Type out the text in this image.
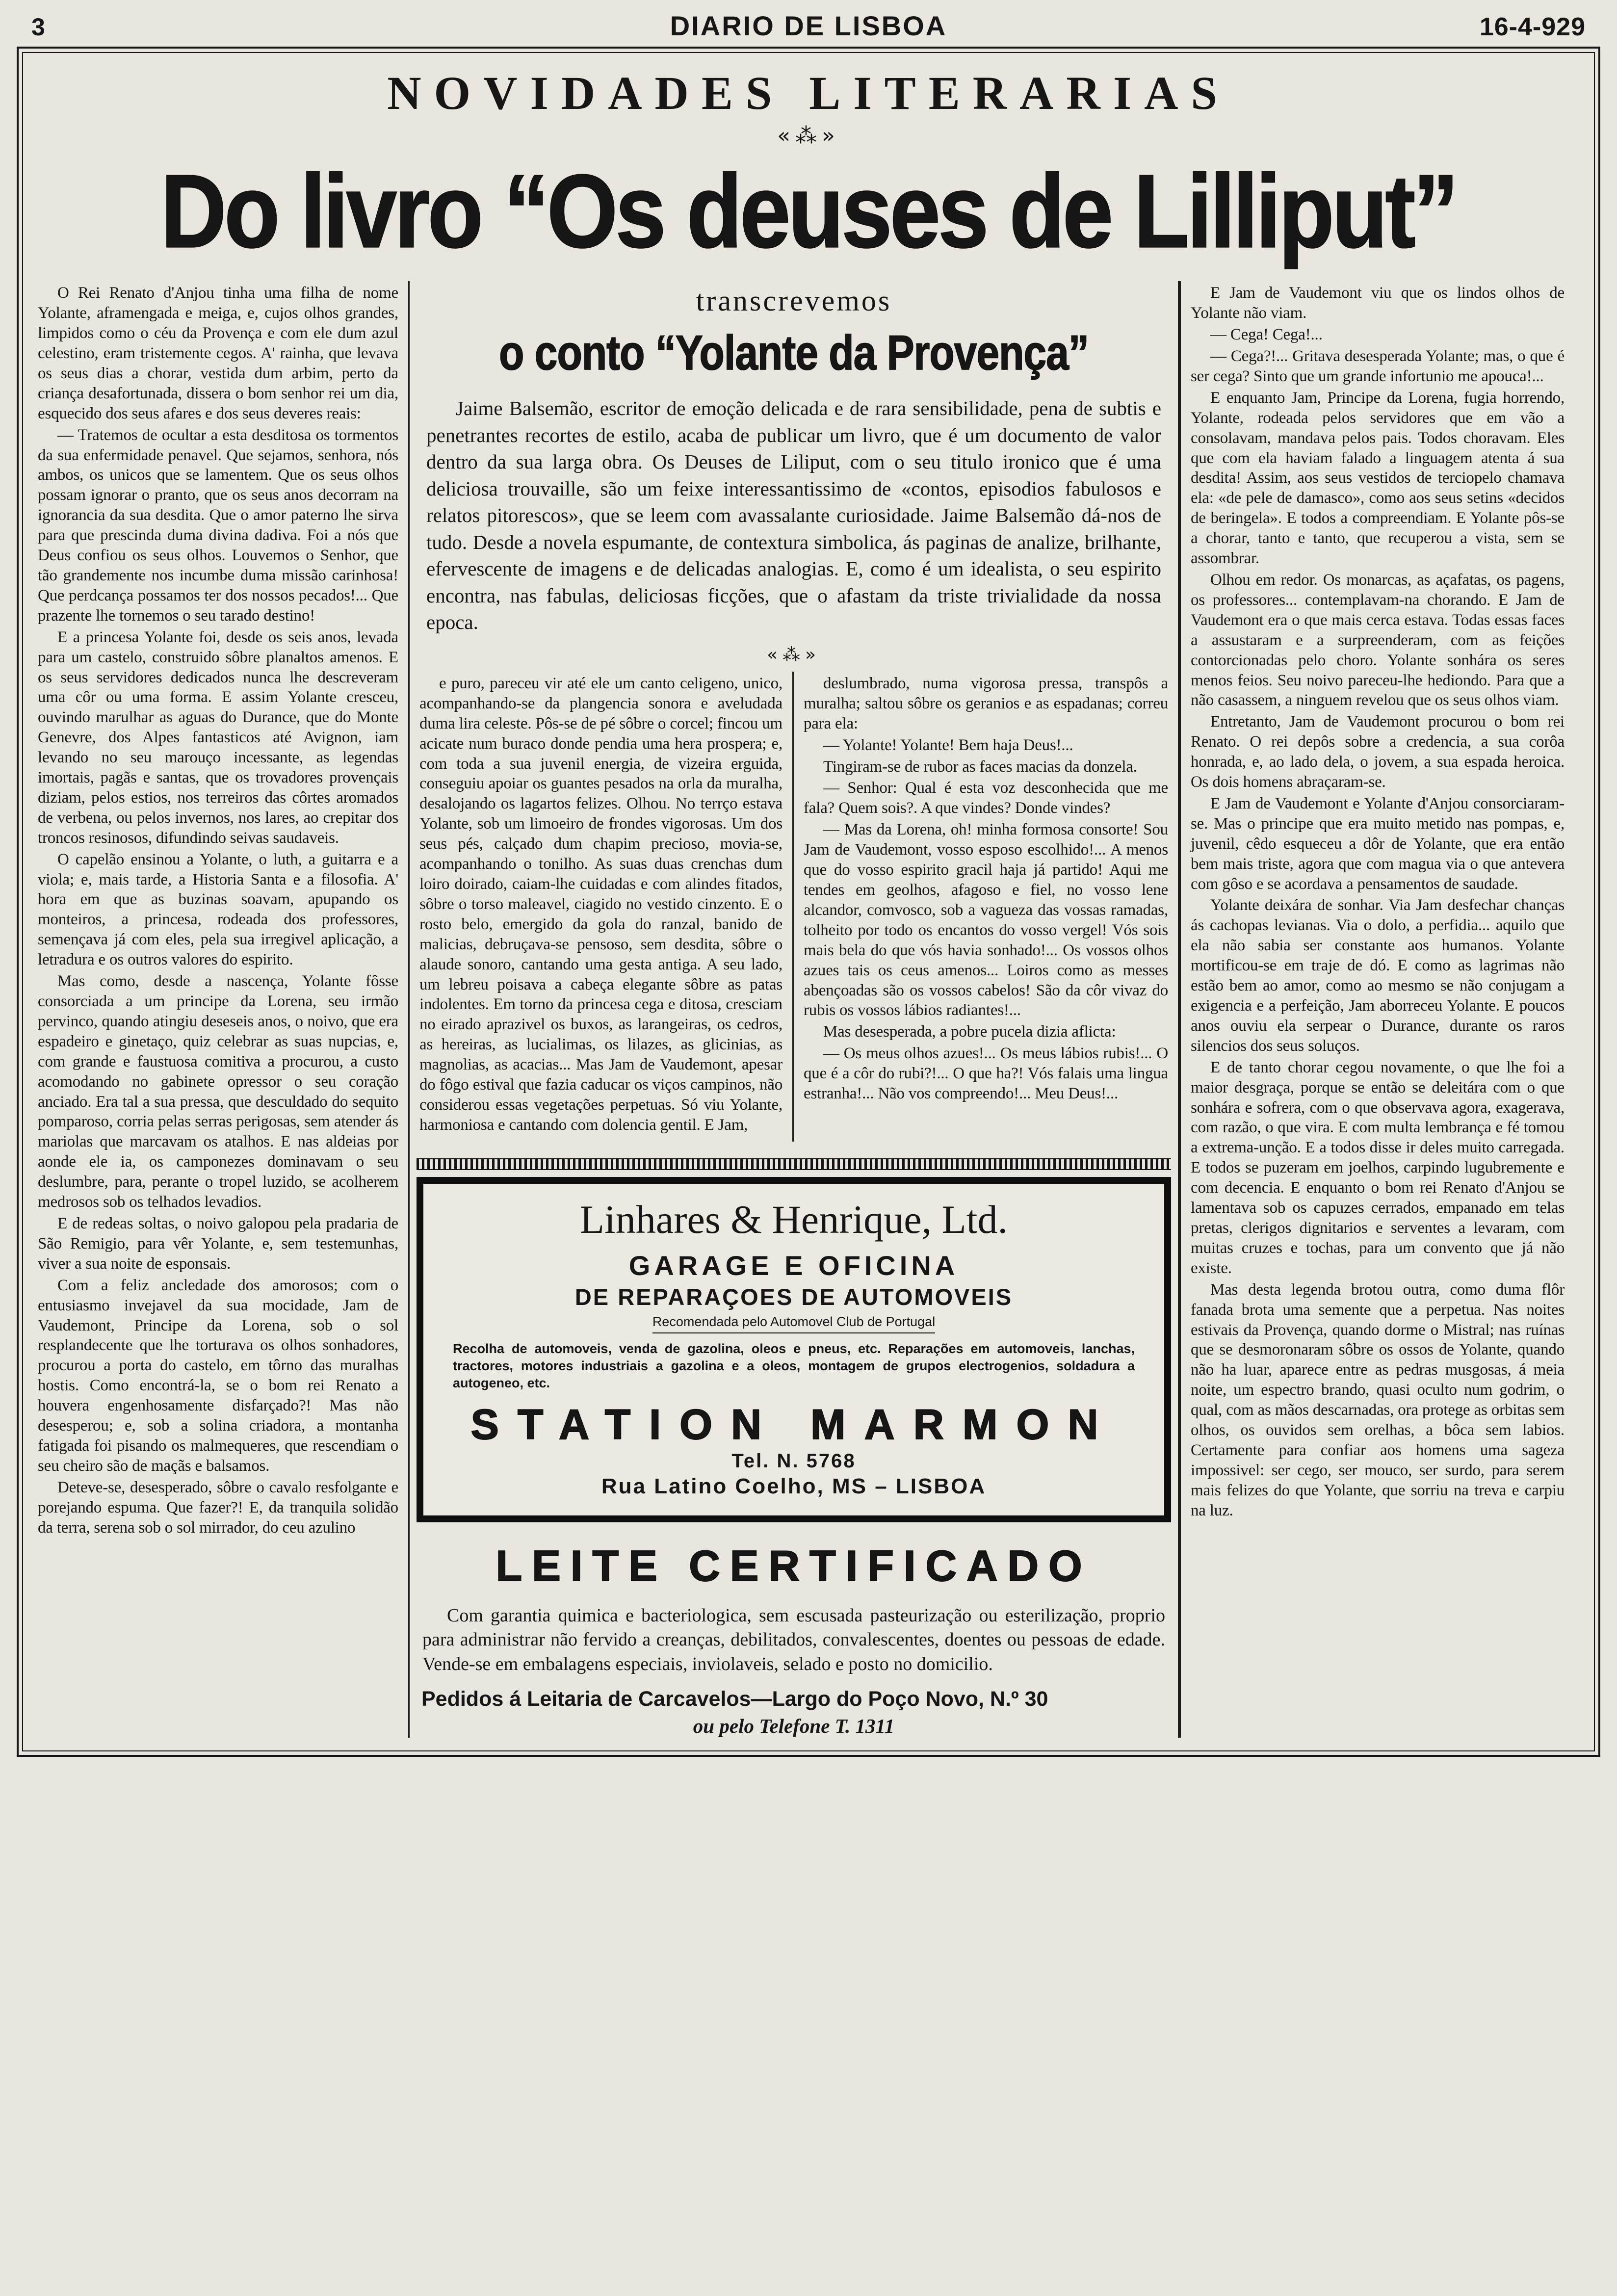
3	DIARIO DE LISBOA	16-4-929
NOVIDADES LITERARIAS
«⁂»
Do livro “Os deuses de Lilliput”

O Rei Renato d'Anjou tinha uma filha de nome Yolante, aframengada e meiga, e, cujos olhos grandes, limpidos como o céu da Provença e com ele dum azul celestino, eram tristemente cegos. A' rainha, que levava os seus dias a chorar, vestida dum arbim, perto da criança desafortunada, dissera o bom senhor rei um dia, esquecido dos seus afares e dos seus deveres reais:

— Tratemos de ocultar a esta desditosa os tormentos da sua enfermidade penavel. Que sejamos, senhora, nós ambos, os unicos que se lamentem. Que os seus olhos possam ignorar o pranto, que os seus anos decorram na ignorancia da sua desdita. Que o amor paterno lhe sirva para que prescinda duma divina dadiva. Foi a nós que Deus confiou os seus olhos. Louvemos o Senhor, que tão grandemente nos incumbe duma missão carinhosa! Que perdcança possamos ter dos nossos pecados!... Que prazente lhe tornemos o seu tarado destino!

E a princesa Yolante foi, desde os seis anos, levada para um castelo, construido sôbre planaltos amenos. E os seus servidores dedicados nunca lhe descreveram uma côr ou uma forma. E assim Yolante cresceu, ouvindo marulhar as aguas do Durance, que do Monte Genevre, dos Alpes fantasticos até Avignon, iam levando no seu marouço incessante, as legendas imortais, pagãs e santas, que os trovadores provençais diziam, pelos estios, nos terreiros das côrtes aromados de verbena, ou pelos invernos, nos lares, ao crepitar dos troncos resinosos, difundindo seivas saudaveis.

O capelão ensinou a Yolante, o luth, a guitarra e a viola; e, mais tarde, a Historia Santa e a filosofia. A' hora em que as buzinas soavam, apupando os monteiros, a princesa, rodeada dos professores, semençava já com eles, pela sua irregivel aplicação, a letradura e os outros valores do espirito.

Mas como, desde a nascença, Yolante fôsse consorciada a um principe da Lorena, seu irmão pervinco, quando atingiu deseseis anos, o noivo, que era espadeiro e ginetaço, quiz celebrar as suas nupcias, e, com grande e faustuosa comitiva a procurou, a custo acomodando no gabinete opressor o seu coração anciado. Era tal a sua pressa, que desculdado do sequito pomparoso, corria pelas serras perigosas, sem atender ás mariolas que marcavam os atalhos. E nas aldeias por aonde ele ia, os camponezes dominavam o seu deslumbre, para, perante o tropel luzido, se acolherem medrosos sob os telhados levadios.

E de redeas soltas, o noivo galopou pela pradaria de São Remigio, para vêr Yolante, e, sem testemunhas, viver a sua noite de esponsais.

Com a feliz ancledade dos amorosos; com o entusiasmo invejavel da sua mocidade, Jam de Vaudemont, Principe da Lorena, sob o sol resplandecente que lhe torturava os olhos sonhadores, procurou a porta do castelo, em tôrno das muralhas hostis. Como encontrá-la, se o bom rei Renato a houvera engenhosamente disfarçado?! Mas não desesperou; e, sob a solina criadora, a montanha fatigada foi pisando os malmequeres, que rescendiam o seu cheiro são de maçãs e balsamos.

Deteve-se, desesperado, sôbre o cavalo resfolgante e porejando espuma. Que fazer?! E, da tranquila solidão da terra, serena sob o sol mirrador, do ceu azulino

transcrevemos
o conto “Yolante da Provença”

Jaime Balsemão, escritor de emoção delicada e de rara sensibilidade, pena de subtis e penetrantes recortes de estilo, acaba de publicar um livro, que é um documento de valor dentro da sua larga obra. Os Deuses de Liliput, com o seu titulo ironico que é uma deliciosa trouvaille, são um feixe interessantissimo de «contos, episodios fabulosos e relatos pitorescos», que se leem com avassalante curiosidade. Jaime Balsemão dá-nos de tudo. Desde a novela espumante, de contextura simbolica, ás paginas de analize, brilhante, efervescente de imagens e de delicadas analogias. E, como é um idealista, o seu espirito encontra, nas fabulas, deliciosas ficções, que o afastam da triste trivialidade da nossa epoca.

«⁂»

e puro, pareceu vir até ele um canto celigeno, unico, acompanhando-se da plangencia sonora e aveludada duma lira celeste. Pôs-se de pé sôbre o corcel; fincou um acicate num buraco donde pendia uma hera prospera; e, com toda a sua juvenil energia, de vizeira erguida, conseguiu apoiar os guantes pesados na orla da muralha, desalojando os lagartos felizes. Olhou. No terrço estava Yolante, sob um limoeiro de frondes vigorosas. Um dos seus pés, calçado dum chapim precioso, movia-se, acompanhando o tonilho. As suas duas crenchas dum loiro doirado, caiam-lhe cuidadas e com alindes fitados, sôbre o torso maleavel, ciagido no vestido cinzento. E o rosto belo, emergido da gola do ranzal, banido de malicias, debruçava-se pensoso, sem desdita, sôbre o alaude sonoro, cantando uma gesta antiga. A seu lado, um lebreu poisava a cabeça elegante sôbre as patas indolentes. Em torno da princesa cega e ditosa, cresciam no eirado aprazivel os buxos, as larangeiras, os cedros, as hereiras, as lucialimas, os lilazes, as glicinias, as magnolias, as acacias... Mas Jam de Vaudemont, apesar do fôgo estival que fazia caducar os viços campinos, não considerou essas vegetações perpetuas. Só viu Yolante, harmoniosa e cantando com dolencia gentil. E Jam,

deslumbrado, numa vigorosa pressa, transpôs a muralha; saltou sôbre os geranios e as espadanas; correu para ela:

— Yolante! Yolante! Bem haja Deus!...

Tingiram-se de rubor as faces macias da donzela.

— Senhor: Qual é esta voz desconhecida que me fala? Quem sois?. A que vindes? Donde vindes?

— Mas da Lorena, oh! minha formosa consorte! Sou Jam de Vaudemont, vosso esposo escolhido!... A menos que do vosso espirito gracil haja já partido! Aqui me tendes em geolhos, afagoso e fiel, no vosso lene alcandor, comvosco, sob a vagueza das vossas ramadas, tolheito por todo os encantos do vosso vergel! Vós sois mais bela do que vós havia sonhado!... Os vossos olhos azues tais os ceus amenos... Loiros como as messes abençoadas são os vossos cabelos! São da côr vivaz do rubis os vossos lábios radiantes!...

Mas desesperada, a pobre pucela dizia aflicta:

— Os meus olhos azues!... Os meus lábios rubis!... O que é a côr do rubi?!... O que ha?! Vós falais uma lingua estranha!... Não vos compreendo!... Meu Deus!...

Linhares & Henrique, Ltd.
GARAGE E OFICINA
DE REPARAÇOES DE AUTOMOVEIS
Recomendada pelo Automovel Club de Portugal

Recolha de automoveis, venda de gazolina, oleos e pneus, etc. Reparações em automoveis, lanchas, tractores, motores industriais a gazolina e a oleos, montagem de grupos electrogenios, soldadura a autogeneo, etc.

STATION MARMON
Tel. N. 5768
Rua Latino Coelho, MS – LISBOA
LEITE CERTIFICADO

Com garantia quimica e bacteriologica, sem escusada pasteurização ou esterilização, proprio para administrar não fervido a creanças, debilitados, convalescentes, doentes ou pessoas de edade. Vende-se em embalagens especiais, inviolaveis, selado e posto no domicilio.

Pedidos á Leitaria de Carcavelos—Largo do Poço Novo, N.º 30
ou pelo Telefone T. 1311

E Jam de Vaudemont viu que os lindos olhos de Yolante não viam.

— Cega! Cega!...

— Cega?!... Gritava desesperada Yolante; mas, o que é ser cega? Sinto que um grande infortunio me apouca!...

E enquanto Jam, Principe da Lorena, fugia horrendo, Yolante, rodeada pelos servidores que em vão a consolavam, mandava pelos pais. Todos choravam. Eles que com ela haviam falado a linguagem atenta á sua desdita! Assim, aos seus vestidos de terciopelo chamava ela: «de pele de damasco», como aos seus setins «decidos de beringela». E todos a compreendiam. E Yolante pôs-se a chorar, tanto e tanto, que recuperou a vista, sem se assombrar.

Olhou em redor. Os monarcas, as açafatas, os pagens, os professores... contemplavam-na chorando. E Jam de Vaudemont era o que mais cerca estava. Todas essas faces a assustaram e a surpreenderam, com as feições contorcionadas pelo choro. Yolante sonhára os seres menos feios. Seu noivo pareceu-lhe hediondo. Para que a não casassem, a ninguem revelou que os seus olhos viam.

Entretanto, Jam de Vaudemont procurou o bom rei Renato. O rei depôs sobre a credencia, a sua corôa honrada, e, ao lado dela, o jovem, a sua espada heroica. Os dois homens abraçaram-se.

E Jam de Vaudemont e Yolante d'Anjou consorciaram-se. Mas o principe que era muito metido nas pompas, e, juvenil, cêdo esqueceu a dôr de Yolante, que era então bem mais triste, agora que com magua via o que antevera com gôso e se acordava a pensamentos de saudade.

Yolante deixára de sonhar. Via Jam desfechar chanças ás cachopas levianas. Via o dolo, a perfidia... aquilo que ela não sabia ser constante aos humanos. Yolante mortificou-se em traje de dó. E como as lagrimas não estão bem ao amor, como ao mesmo se não conjugam a exigencia e a perfeição, Jam aborreceu Yolante. E poucos anos ouviu ela serpear o Durance, durante os raros silencios dos seus soluços.

E de tanto chorar cegou novamente, o que lhe foi a maior desgraça, porque se então se deleitára com o que sonhára e sofrera, com o que observava agora, exagerava, com razão, o que vira. E com multa lembrança e fé tomou a extrema-unção. E a todos disse ir deles muito carregada. E todos se puzeram em joelhos, carpindo lugubremente e com decencia. E enquanto o bom rei Renato d'Anjou se lamentava sob os capuzes cerrados, empanado em telas pretas, clerigos dignitarios e serventes a levaram, com muitas cruzes e tochas, para um convento que já não existe.

Mas desta legenda brotou outra, como duma flôr fanada brota uma semente que a perpetua. Nas noites estivais da Provença, quando dorme o Mistral; nas ruínas que se desmoronaram sôbre os ossos de Yolante, quando não ha luar, aparece entre as pedras musgosas, á meia noite, um espectro brando, quasi oculto num godrim, o qual, com as mãos descarnadas, ora protege as orbitas sem olhos, os ouvidos sem orelhas, a bôca sem labios. Certamente para confiar aos homens uma sageza impossivel: ser cego, ser mouco, ser surdo, para serem mais felizes do que Yolante, que sorriu na treva e carpiu na luz.
